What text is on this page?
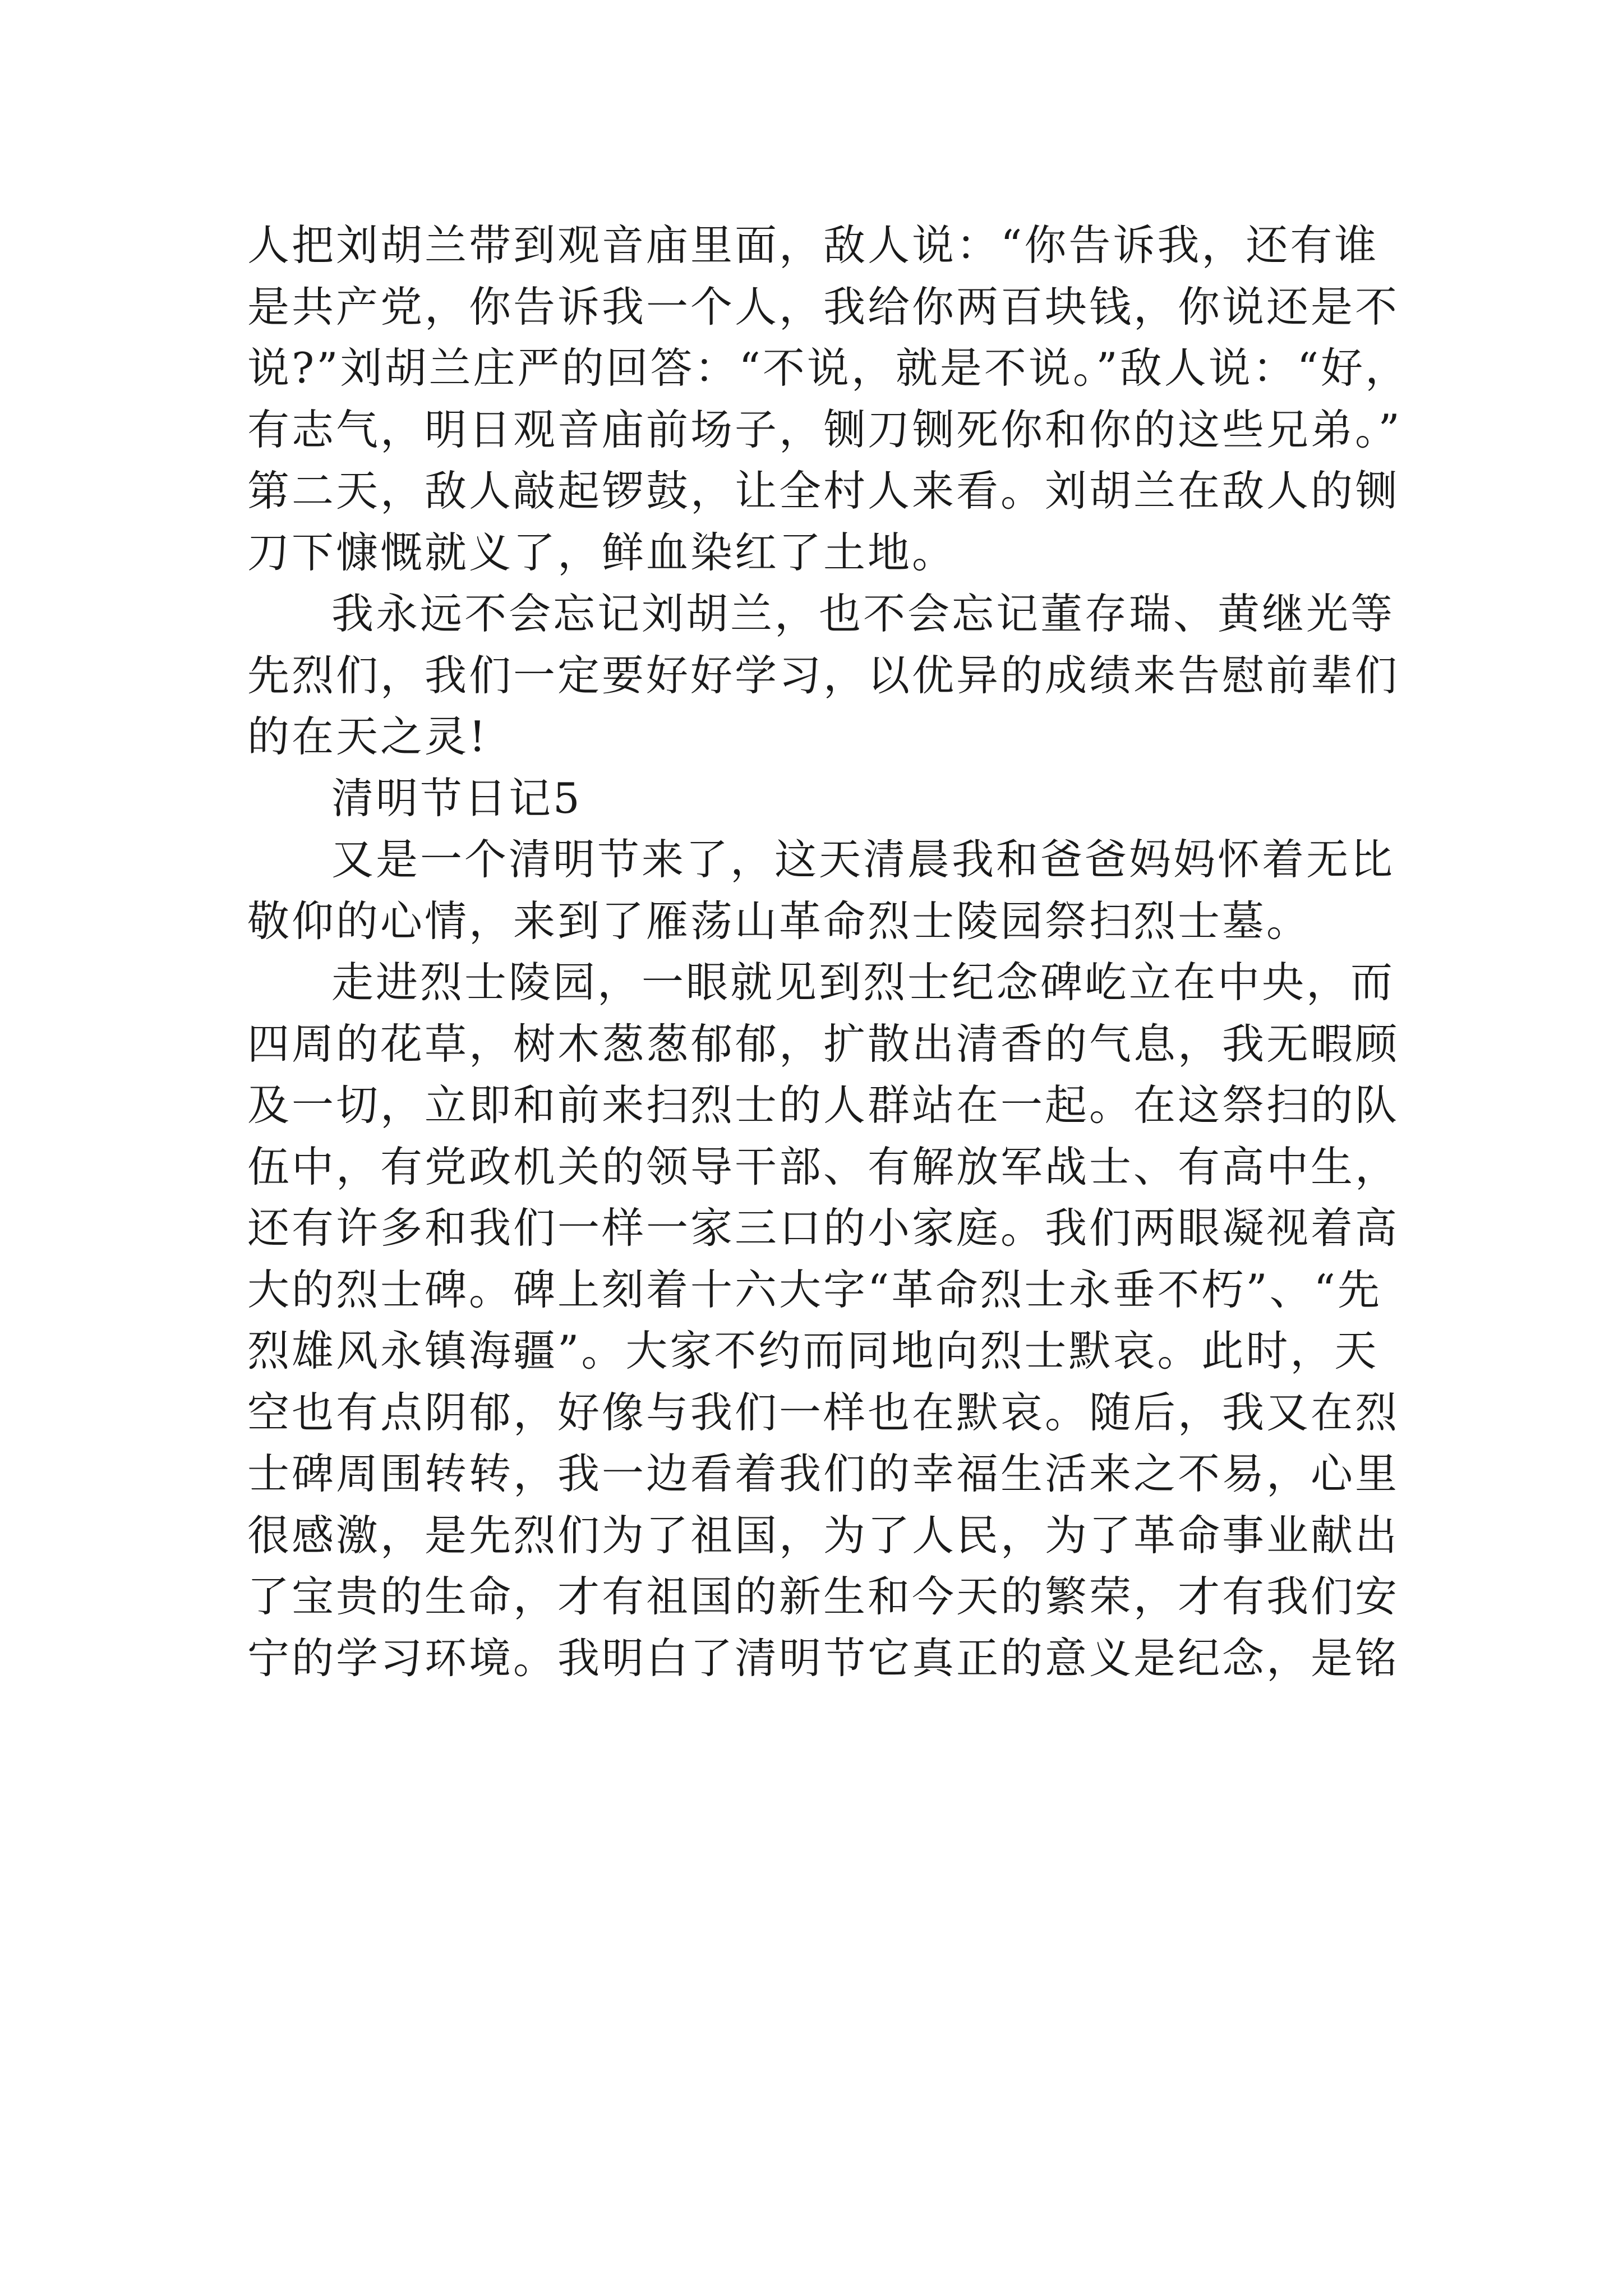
人把刘胡兰带到观音庙里面，敌人说：“你告诉我，还有谁
是共产党，你告诉我一个人，我给你两百块钱，你说还是不
说?”刘胡兰庄严的回答：“不说，就是不说。”敌人说：“好，
有志气，明日观音庙前场子，铡刀铡死你和你的这些兄弟。”
第二天，敌人敲起锣鼓，让全村人来看。刘胡兰在敌人的铡
刀下慷慨就义了，鲜血染红了土地。
我永远不会忘记刘胡兰，也不会忘记董存瑞、黄继光等
先烈们，我们一定要好好学习，以优异的成绩来告慰前辈们
的在天之灵!
清明节日记5
又是一个清明节来了，这天清晨我和爸爸妈妈怀着无比
敬仰的心情，来到了雁荡山革命烈士陵园祭扫烈士墓。
走进烈士陵园，一眼就见到烈士纪念碑屹立在中央，而
四周的花草，树木葱葱郁郁，扩散出清香的气息，我无暇顾
及一切，立即和前来扫烈士的人群站在一起。在这祭扫的队
伍中，有党政机关的领导干部、有解放军战士、有高中生，
还有许多和我们一样一家三口的小家庭。我们两眼凝视着高
大的烈士碑。碑上刻着十六大字“革命烈士永垂不朽”、“先
烈雄风永镇海疆”。大家不约而同地向烈士默哀。此时，天
空也有点阴郁，好像与我们一样也在默哀。随后，我又在烈
士碑周围转转，我一边看着我们的幸福生活来之不易，心里
很感激，是先烈们为了祖国，为了人民，为了革命事业献出
了宝贵的生命，才有祖国的新生和今天的繁荣，才有我们安
宁的学习环境。我明白了清明节它真正的意义是纪念，是铭
